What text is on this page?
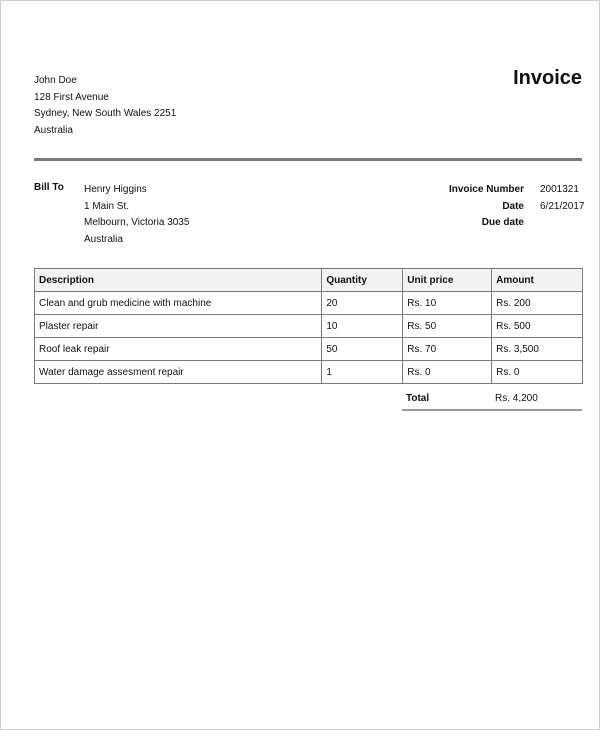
John Doe
128 First Avenue
Sydney, New South Wales 2251
Australia
Invoice
Bill To Henry Higgins
1 Main St.
Melbourn, Victoria 3035
Australia
Invoice Number	2001321
Date	6/21/2017
Due date
Description	Quantity	Unit price	Amount
Clean and grub medicine with machine	20	Rs. 10	Rs. 200
Plaster repair	10	Rs. 50	Rs. 500
Roof leak repair	50	Rs. 70	Rs. 3,500
Water damage assesment repair	1	Rs. 0	Rs. 0
Total	Rs. 4,200
